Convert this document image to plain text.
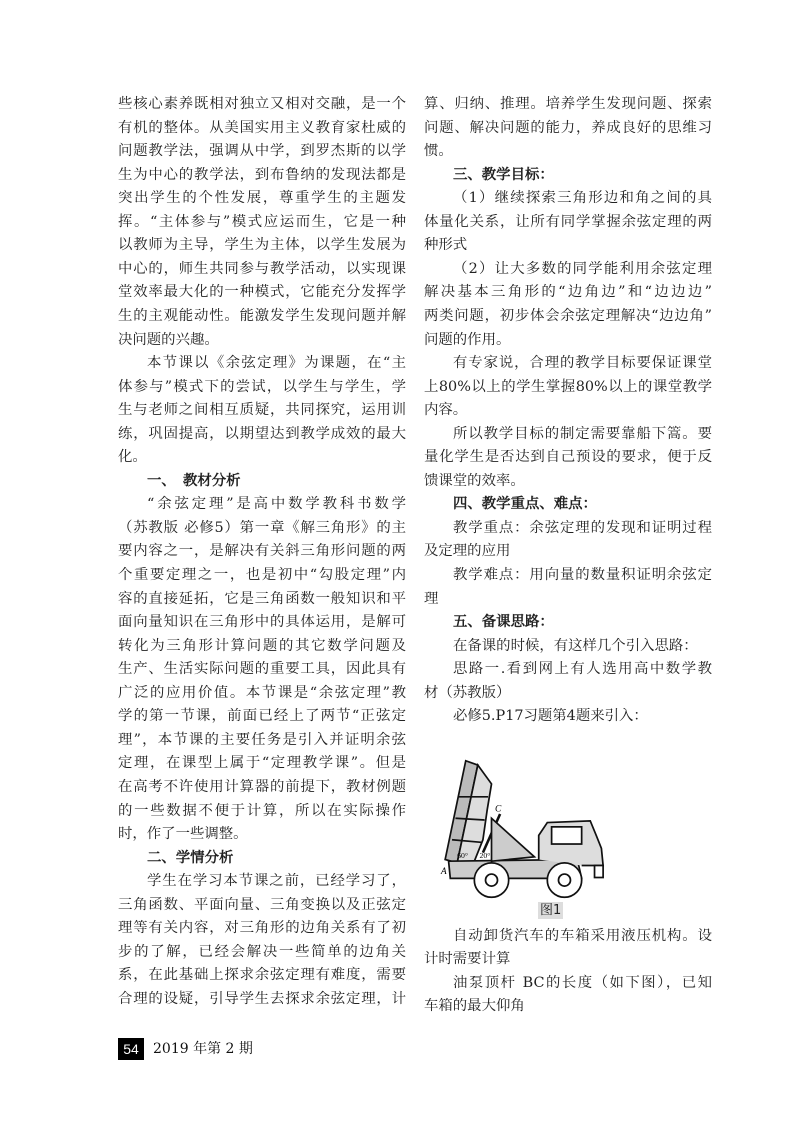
些核心素养既相对独立又相对交融，是一个
有机的整体。从美国实用主义教育家杜威的
问题教学法，强调从中学，到罗杰斯的以学
生为中心的教学法，到布鲁纳的发现法都是
突出学生的个性发展，尊重学生的主题发
挥。“主体参与”模式应运而生，它是一种
以教师为主导，学生为主体，以学生发展为
中心的，师生共同参与教学活动，以实现课
堂效率最大化的一种模式，它能充分发挥学
生的主观能动性。能激发学生发现问题并解
决问题的兴趣。
本节课以《余弦定理》为课题，在“主
体参与”模式下的尝试，以学生与学生，学
生与老师之间相互质疑，共同探究，运用训
练，巩固提高，以期望达到教学成效的最大
化。
一、　教材分析
“余弦定理”是高中数学教科书数学
（苏教版 必修5）第一章《解三角形》的主
要内容之一，是解决有关斜三角形问题的两
个重要定理之一，也是初中“勾股定理”内
容的直接延拓，它是三角函数一般知识和平
面向量知识在三角形中的具体运用，是解可
转化为三角形计算问题的其它数学问题及
生产、生活实际问题的重要工具，因此具有
广泛的应用价值。本节课是“余弦定理”教
学的第一节课，前面已经上了两节“正弦定
理”，本节课的主要任务是引入并证明余弦
定理，在课型上属于“定理教学课”。但是
在高考不许使用计算器的前提下，教材例题
的一些数据不便于计算，所以在实际操作
时，作了一些调整。
二、学情分析
学生在学习本节课之前，已经学习了，
三角函数、平面向量、三角变换以及正弦定
理等有关内容，对三角形的边角关系有了初
步的了解，已经会解决一些简单的边角关
系，在此基础上探求余弦定理有难度，需要
合理的设疑，引导学生去探求余弦定理，计
算、归纳、推理。培养学生发现问题、探索
问题、解决问题的能力，养成良好的思维习
惯。
三、教学目标：
（1）继续探索三角形边和角之间的具
体量化关系，让所有同学掌握余弦定理的两
种形式
（2）让大多数的同学能利用余弦定理
解决基本三角形的“边角边”和“边边边”
两类问题，初步体会余弦定理解决“边边角”
问题的作用。
有专家说，合理的教学目标要保证课堂
上80%以上的学生掌握80%以上的课堂教学
内容。
所以教学目标的制定需要靠船下篙。要
量化学生是否达到自己预设的要求，便于反
馈课堂的效率。
四、教学重点、难点：
教学重点：余弦定理的发现和证明过程
及定理的应用
教学难点：用向量的数量积证明余弦定
理
五、备课思路：
在备课的时候，有这样几个引入思路：
思路一.看到网上有人选用高中数学教
材（苏教版）
必修5.P17习题第4题来引入：
自动卸货汽车的车箱采用液压机构。设
计时需要计算
油泵顶杆 BC的长度（如下图），已知
车箱的最大仰角
A
C
60° 20°
图1
54	2019 年第 2 期
